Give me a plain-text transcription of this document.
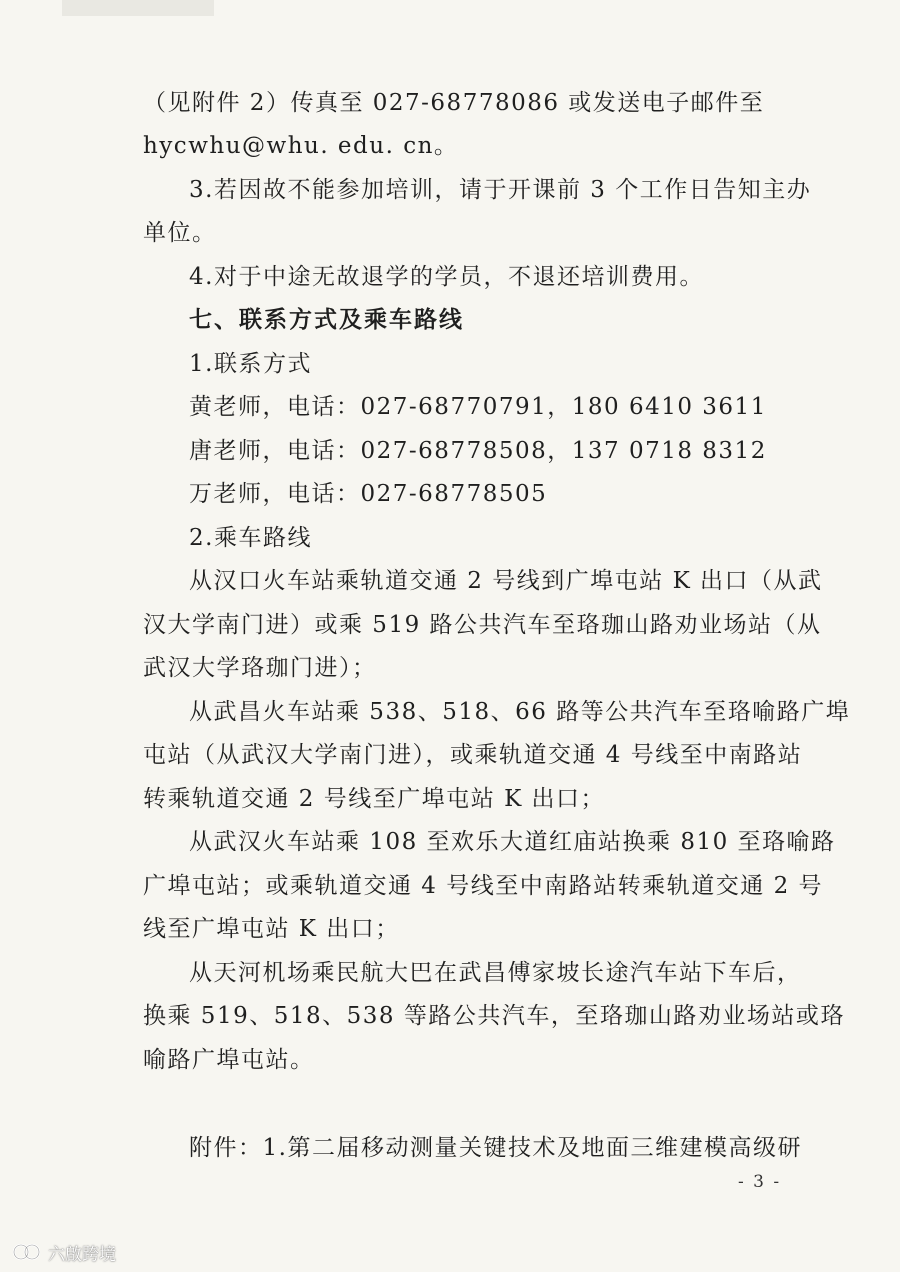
（见附件 2）传真至 027-68778086 或发送电子邮件至
hycwhu@whu. edu. cn。
3.若因故不能参加培训，请于开课前 3 个工作日告知主办
单位。
4.对于中途无故退学的学员，不退还培训费用。
七、联系方式及乘车路线
1.联系方式
黄老师，电话：027-68770791，180 6410 3611
唐老师，电话：027-68778508，137 0718 8312
万老师，电话：027-68778505
2.乘车路线
从汉口火车站乘轨道交通 2 号线到广埠屯站 K 出口（从武
汉大学南门进）或乘 519 路公共汽车至珞珈山路劝业场站（从
武汉大学珞珈门进）；
从武昌火车站乘 538、518、66 路等公共汽车至珞喻路广埠
屯站（从武汉大学南门进），或乘轨道交通 4 号线至中南路站
转乘轨道交通 2 号线至广埠屯站 K 出口；
从武汉火车站乘 108 至欢乐大道红庙站换乘 810 至珞喻路
广埠屯站；或乘轨道交通 4 号线至中南路站转乘轨道交通 2 号
线至广埠屯站 K 出口；
从天河机场乘民航大巴在武昌傅家坡长途汽车站下车后，
换乘 519、518、538 等路公共汽车，至珞珈山路劝业场站或珞
喻路广埠屯站。
附件：1.第二届移动测量关键技术及地面三维建模高级研
- 3 -
六啟跨境
